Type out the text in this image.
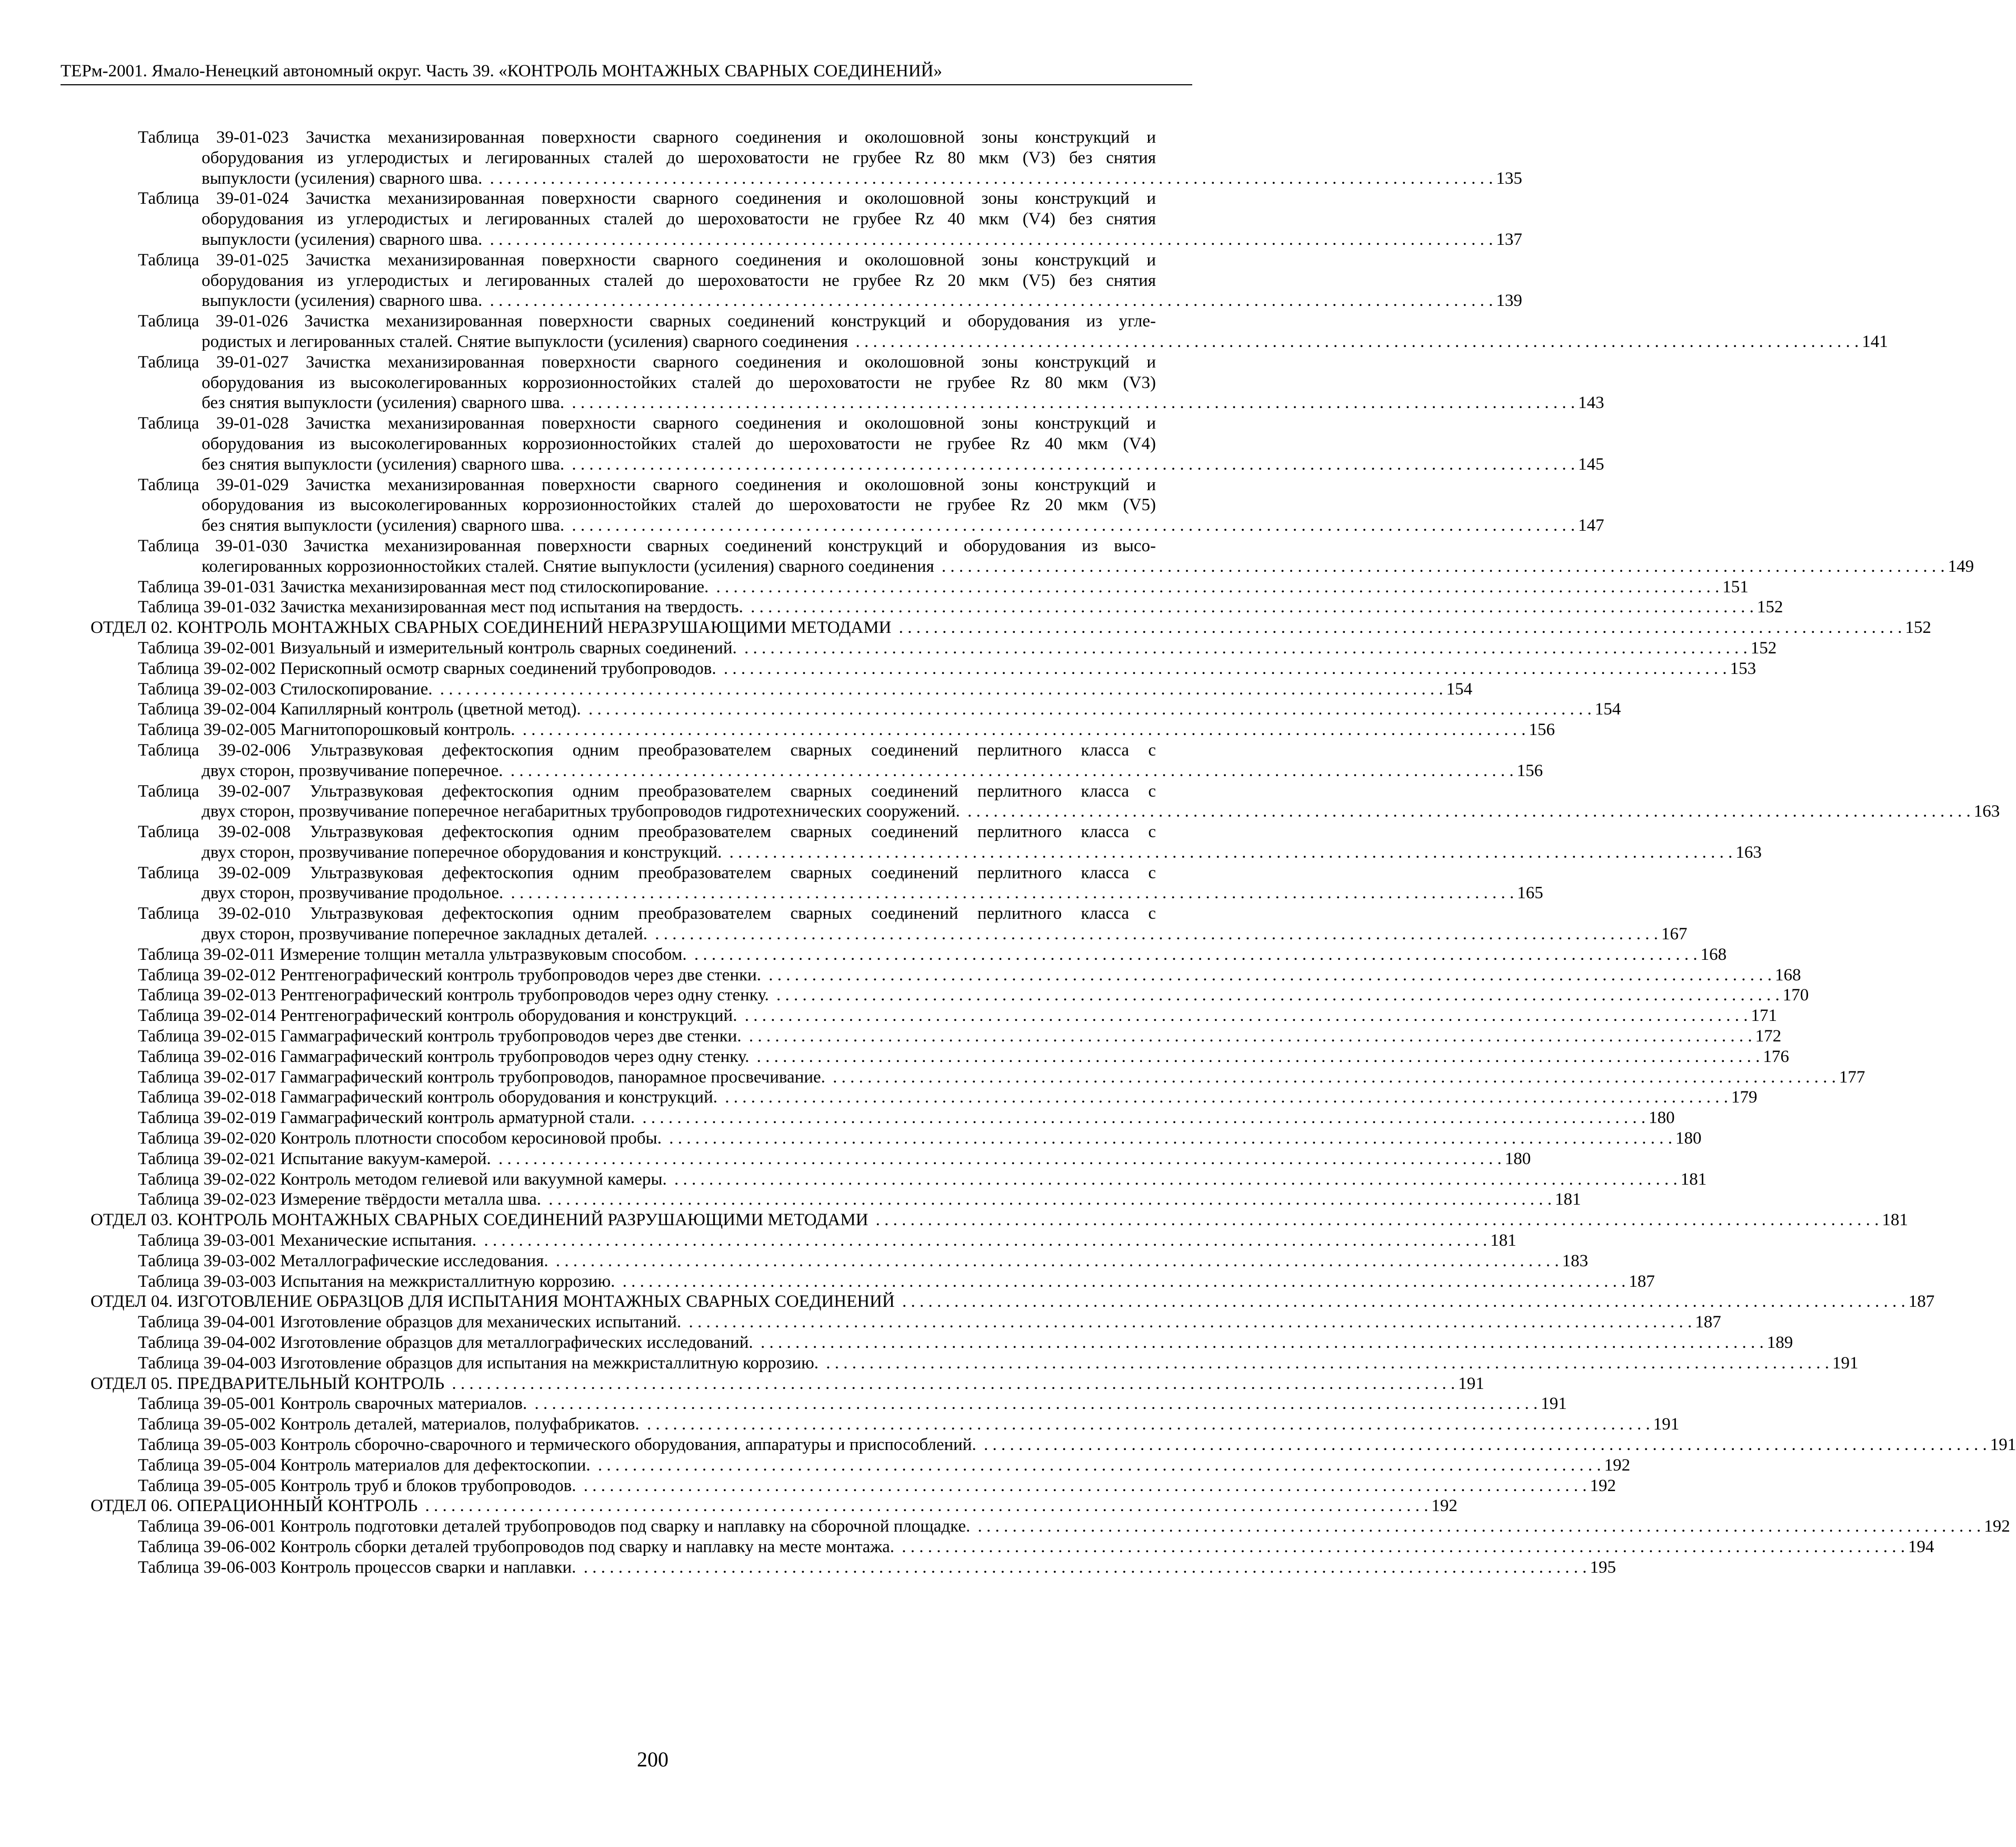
ТЕРм-2001. Ямало-Ненецкий автономный округ. Часть 39. «КОНТРОЛЬ МОНТАЖНЫХ СВАРНЫХ СОЕДИНЕНИЙ»
Таблица 39-01-023 Зачистка механизированная поверхности сварного соединения и околошовной зоны конструкций и
оборудования из углеродистых и легированных сталей до шероховатости не грубее Rz 80 мкм (V3) без снятия
выпуклости (усиления) сварного шва. . . . . . . . . . . . . . . . . . . . . . . . . . . . . . . . . . . . . . . . . . . . . . . . . . . . . . . . . . . . . . . . . . . . . . . . . . . . . . . . . . . . . . . . . . . . . . . . . . . . . . . . . . . . . . . . . . . . . 135
Таблица 39-01-024 Зачистка механизированная поверхности сварного соединения и околошовной зоны конструкций и
оборудования из углеродистых и легированных сталей до шероховатости не грубее Rz 40 мкм (V4) без снятия
выпуклости (усиления) сварного шва. . . . . . . . . . . . . . . . . . . . . . . . . . . . . . . . . . . . . . . . . . . . . . . . . . . . . . . . . . . . . . . . . . . . . . . . . . . . . . . . . . . . . . . . . . . . . . . . . . . . . . . . . . . . . . . . . . . . . 137
Таблица 39-01-025 Зачистка механизированная поверхности сварного соединения и околошовной зоны конструкций и
оборудования из углеродистых и легированных сталей до шероховатости не грубее Rz 20 мкм (V5) без снятия
выпуклости (усиления) сварного шва. . . . . . . . . . . . . . . . . . . . . . . . . . . . . . . . . . . . . . . . . . . . . . . . . . . . . . . . . . . . . . . . . . . . . . . . . . . . . . . . . . . . . . . . . . . . . . . . . . . . . . . . . . . . . . . . . . . . . 139
Таблица 39-01-026 Зачистка механизированная поверхности сварных соединений конструкций и оборудования из угле-
родистых и легированных сталей. Снятие выпуклости (усиления) сварного соединения . . . . . . . . . . . . . . . . . . . . . . . . . . . . . . . . . . . . . . . . . . . . . . . . . . . . . . . . . . . . . . . . . . . . . . . . . . . . . . . . . . . . . . . . . . . . . . . . . . . . . . . . . . . . . . . . . . . . 141
Таблица 39-01-027 Зачистка механизированная поверхности сварного соединения и околошовной зоны конструкций и
оборудования из высоколегированных коррозионностойких сталей до шероховатости не грубее Rz 80 мкм (V3)
без снятия выпуклости (усиления) сварного шва. . . . . . . . . . . . . . . . . . . . . . . . . . . . . . . . . . . . . . . . . . . . . . . . . . . . . . . . . . . . . . . . . . . . . . . . . . . . . . . . . . . . . . . . . . . . . . . . . . . . . . . . . . . . . . . . . . . . . 143
Таблица 39-01-028 Зачистка механизированная поверхности сварного соединения и околошовной зоны конструкций и
оборудования из высоколегированных коррозионностойких сталей до шероховатости не грубее Rz 40 мкм (V4)
без снятия выпуклости (усиления) сварного шва. . . . . . . . . . . . . . . . . . . . . . . . . . . . . . . . . . . . . . . . . . . . . . . . . . . . . . . . . . . . . . . . . . . . . . . . . . . . . . . . . . . . . . . . . . . . . . . . . . . . . . . . . . . . . . . . . . . . . 145
Таблица 39-01-029 Зачистка механизированная поверхности сварного соединения и околошовной зоны конструкций и
оборудования из высоколегированных коррозионностойких сталей до шероховатости не грубее Rz 20 мкм (V5)
без снятия выпуклости (усиления) сварного шва. . . . . . . . . . . . . . . . . . . . . . . . . . . . . . . . . . . . . . . . . . . . . . . . . . . . . . . . . . . . . . . . . . . . . . . . . . . . . . . . . . . . . . . . . . . . . . . . . . . . . . . . . . . . . . . . . . . . . 147
Таблица 39-01-030 Зачистка механизированная поверхности сварных соединений конструкций и оборудования из высо-
колегированных коррозионностойких сталей. Снятие выпуклости (усиления) сварного соединения . . . . . . . . . . . . . . . . . . . . . . . . . . . . . . . . . . . . . . . . . . . . . . . . . . . . . . . . . . . . . . . . . . . . . . . . . . . . . . . . . . . . . . . . . . . . . . . . . . . . . . . . . . . . . . . . . . . . 149
Таблица 39-01-031 Зачистка механизированная мест под стилоскопирование. . . . . . . . . . . . . . . . . . . . . . . . . . . . . . . . . . . . . . . . . . . . . . . . . . . . . . . . . . . . . . . . . . . . . . . . . . . . . . . . . . . . . . . . . . . . . . . . . . . . . . . . . . . . . . . . . . . . . 151
Таблица 39-01-032 Зачистка механизированная мест под испытания на твердость. . . . . . . . . . . . . . . . . . . . . . . . . . . . . . . . . . . . . . . . . . . . . . . . . . . . . . . . . . . . . . . . . . . . . . . . . . . . . . . . . . . . . . . . . . . . . . . . . . . . . . . . . . . . . . . . . . . . . 152
ОТДЕЛ 02. КОНТРОЛЬ МОНТАЖНЫХ СВАРНЫХ СОЕДИНЕНИЙ НЕРАЗРУШАЮЩИМИ МЕТОДАМИ . . . . . . . . . . . . . . . . . . . . . . . . . . . . . . . . . . . . . . . . . . . . . . . . . . . . . . . . . . . . . . . . . . . . . . . . . . . . . . . . . . . . . . . . . . . . . . . . . . . . . . . . . . . . . . . . . . . . 152
Таблица 39-02-001 Визуальный и измерительный контроль сварных соединений. . . . . . . . . . . . . . . . . . . . . . . . . . . . . . . . . . . . . . . . . . . . . . . . . . . . . . . . . . . . . . . . . . . . . . . . . . . . . . . . . . . . . . . . . . . . . . . . . . . . . . . . . . . . . . . . . . . . . 152
Таблица 39-02-002 Перископный осмотр сварных соединений трубопроводов. . . . . . . . . . . . . . . . . . . . . . . . . . . . . . . . . . . . . . . . . . . . . . . . . . . . . . . . . . . . . . . . . . . . . . . . . . . . . . . . . . . . . . . . . . . . . . . . . . . . . . . . . . . . . . . . . . . . . 153
Таблица 39-02-003 Стилоскопирование. . . . . . . . . . . . . . . . . . . . . . . . . . . . . . . . . . . . . . . . . . . . . . . . . . . . . . . . . . . . . . . . . . . . . . . . . . . . . . . . . . . . . . . . . . . . . . . . . . . . . . . . . . . . . . . . . . . . . 154
Таблица 39-02-004 Капиллярный контроль (цветной метод). . . . . . . . . . . . . . . . . . . . . . . . . . . . . . . . . . . . . . . . . . . . . . . . . . . . . . . . . . . . . . . . . . . . . . . . . . . . . . . . . . . . . . . . . . . . . . . . . . . . . . . . . . . . . . . . . . . . . 154
Таблица 39-02-005 Магнитопорошковый контроль. . . . . . . . . . . . . . . . . . . . . . . . . . . . . . . . . . . . . . . . . . . . . . . . . . . . . . . . . . . . . . . . . . . . . . . . . . . . . . . . . . . . . . . . . . . . . . . . . . . . . . . . . . . . . . . . . . . . . 156
Таблица 39-02-006 Ультразвуковая дефектоскопия одним преобразователем сварных соединений перлитного класса с
двух сторон, прозвучивание поперечное. . . . . . . . . . . . . . . . . . . . . . . . . . . . . . . . . . . . . . . . . . . . . . . . . . . . . . . . . . . . . . . . . . . . . . . . . . . . . . . . . . . . . . . . . . . . . . . . . . . . . . . . . . . . . . . . . . . . . 156
Таблица 39-02-007 Ультразвуковая дефектоскопия одним преобразователем сварных соединений перлитного класса с
двух сторон, прозвучивание поперечное негабаритных трубопроводов гидротехнических сооружений. . . . . . . . . . . . . . . . . . . . . . . . . . . . . . . . . . . . . . . . . . . . . . . . . . . . . . . . . . . . . . . . . . . . . . . . . . . . . . . . . . . . . . . . . . . . . . . . . . . . . . . . . . . . . . . . . . . . . 163
Таблица 39-02-008 Ультразвуковая дефектоскопия одним преобразователем сварных соединений перлитного класса с
двух сторон, прозвучивание поперечное оборудования и конструкций. . . . . . . . . . . . . . . . . . . . . . . . . . . . . . . . . . . . . . . . . . . . . . . . . . . . . . . . . . . . . . . . . . . . . . . . . . . . . . . . . . . . . . . . . . . . . . . . . . . . . . . . . . . . . . . . . . . . . 163
Таблица 39-02-009 Ультразвуковая дефектоскопия одним преобразователем сварных соединений перлитного класса с
двух сторон, прозвучивание продольное. . . . . . . . . . . . . . . . . . . . . . . . . . . . . . . . . . . . . . . . . . . . . . . . . . . . . . . . . . . . . . . . . . . . . . . . . . . . . . . . . . . . . . . . . . . . . . . . . . . . . . . . . . . . . . . . . . . . . 165
Таблица 39-02-010 Ультразвуковая дефектоскопия одним преобразователем сварных соединений перлитного класса с
двух сторон, прозвучивание поперечное закладных деталей. . . . . . . . . . . . . . . . . . . . . . . . . . . . . . . . . . . . . . . . . . . . . . . . . . . . . . . . . . . . . . . . . . . . . . . . . . . . . . . . . . . . . . . . . . . . . . . . . . . . . . . . . . . . . . . . . . . . . 167
Таблица 39-02-011 Измерение толщин металла ультразвуковым способом. . . . . . . . . . . . . . . . . . . . . . . . . . . . . . . . . . . . . . . . . . . . . . . . . . . . . . . . . . . . . . . . . . . . . . . . . . . . . . . . . . . . . . . . . . . . . . . . . . . . . . . . . . . . . . . . . . . . . 168
Таблица 39-02-012 Рентгенографический контроль трубопроводов через две стенки. . . . . . . . . . . . . . . . . . . . . . . . . . . . . . . . . . . . . . . . . . . . . . . . . . . . . . . . . . . . . . . . . . . . . . . . . . . . . . . . . . . . . . . . . . . . . . . . . . . . . . . . . . . . . . . . . . . . . 168
Таблица 39-02-013 Рентгенографический контроль трубопроводов через одну стенку. . . . . . . . . . . . . . . . . . . . . . . . . . . . . . . . . . . . . . . . . . . . . . . . . . . . . . . . . . . . . . . . . . . . . . . . . . . . . . . . . . . . . . . . . . . . . . . . . . . . . . . . . . . . . . . . . . . . . 170
Таблица 39-02-014 Рентгенографический контроль оборудования и конструкций. . . . . . . . . . . . . . . . . . . . . . . . . . . . . . . . . . . . . . . . . . . . . . . . . . . . . . . . . . . . . . . . . . . . . . . . . . . . . . . . . . . . . . . . . . . . . . . . . . . . . . . . . . . . . . . . . . . . . 171
Таблица 39-02-015 Гаммаграфический контроль трубопроводов через две стенки. . . . . . . . . . . . . . . . . . . . . . . . . . . . . . . . . . . . . . . . . . . . . . . . . . . . . . . . . . . . . . . . . . . . . . . . . . . . . . . . . . . . . . . . . . . . . . . . . . . . . . . . . . . . . . . . . . . . . 172
Таблица 39-02-016 Гаммаграфический контроль трубопроводов через одну стенку. . . . . . . . . . . . . . . . . . . . . . . . . . . . . . . . . . . . . . . . . . . . . . . . . . . . . . . . . . . . . . . . . . . . . . . . . . . . . . . . . . . . . . . . . . . . . . . . . . . . . . . . . . . . . . . . . . . . . 176
Таблица 39-02-017 Гаммаграфический контроль трубопроводов, панорамное просвечивание. . . . . . . . . . . . . . . . . . . . . . . . . . . . . . . . . . . . . . . . . . . . . . . . . . . . . . . . . . . . . . . . . . . . . . . . . . . . . . . . . . . . . . . . . . . . . . . . . . . . . . . . . . . . . . . . . . . . . 177
Таблица 39-02-018 Гаммаграфический контроль оборудования и конструкций. . . . . . . . . . . . . . . . . . . . . . . . . . . . . . . . . . . . . . . . . . . . . . . . . . . . . . . . . . . . . . . . . . . . . . . . . . . . . . . . . . . . . . . . . . . . . . . . . . . . . . . . . . . . . . . . . . . . . 179
Таблица 39-02-019 Гаммаграфический контроль арматурной стали. . . . . . . . . . . . . . . . . . . . . . . . . . . . . . . . . . . . . . . . . . . . . . . . . . . . . . . . . . . . . . . . . . . . . . . . . . . . . . . . . . . . . . . . . . . . . . . . . . . . . . . . . . . . . . . . . . . . . 180
Таблица 39-02-020 Контроль плотности способом керосиновой пробы. . . . . . . . . . . . . . . . . . . . . . . . . . . . . . . . . . . . . . . . . . . . . . . . . . . . . . . . . . . . . . . . . . . . . . . . . . . . . . . . . . . . . . . . . . . . . . . . . . . . . . . . . . . . . . . . . . . . . 180
Таблица 39-02-021 Испытание вакуум-камерой. . . . . . . . . . . . . . . . . . . . . . . . . . . . . . . . . . . . . . . . . . . . . . . . . . . . . . . . . . . . . . . . . . . . . . . . . . . . . . . . . . . . . . . . . . . . . . . . . . . . . . . . . . . . . . . . . . . . . 180
Таблица 39-02-022 Контроль методом гелиевой или вакуумной камеры. . . . . . . . . . . . . . . . . . . . . . . . . . . . . . . . . . . . . . . . . . . . . . . . . . . . . . . . . . . . . . . . . . . . . . . . . . . . . . . . . . . . . . . . . . . . . . . . . . . . . . . . . . . . . . . . . . . . . 181
Таблица 39-02-023 Измерение твёрдости металла шва. . . . . . . . . . . . . . . . . . . . . . . . . . . . . . . . . . . . . . . . . . . . . . . . . . . . . . . . . . . . . . . . . . . . . . . . . . . . . . . . . . . . . . . . . . . . . . . . . . . . . . . . . . . . . . . . . . . . . 181
ОТДЕЛ 03. КОНТРОЛЬ МОНТАЖНЫХ СВАРНЫХ СОЕДИНЕНИЙ РАЗРУШАЮЩИМИ МЕТОДАМИ . . . . . . . . . . . . . . . . . . . . . . . . . . . . . . . . . . . . . . . . . . . . . . . . . . . . . . . . . . . . . . . . . . . . . . . . . . . . . . . . . . . . . . . . . . . . . . . . . . . . . . . . . . . . . . . . . . . . 181
Таблица 39-03-001 Механические испытания. . . . . . . . . . . . . . . . . . . . . . . . . . . . . . . . . . . . . . . . . . . . . . . . . . . . . . . . . . . . . . . . . . . . . . . . . . . . . . . . . . . . . . . . . . . . . . . . . . . . . . . . . . . . . . . . . . . . . 181
Таблица 39-03-002 Металлографические исследования. . . . . . . . . . . . . . . . . . . . . . . . . . . . . . . . . . . . . . . . . . . . . . . . . . . . . . . . . . . . . . . . . . . . . . . . . . . . . . . . . . . . . . . . . . . . . . . . . . . . . . . . . . . . . . . . . . . . . 183
Таблица 39-03-003 Испытания на межкристаллитную коррозию. . . . . . . . . . . . . . . . . . . . . . . . . . . . . . . . . . . . . . . . . . . . . . . . . . . . . . . . . . . . . . . . . . . . . . . . . . . . . . . . . . . . . . . . . . . . . . . . . . . . . . . . . . . . . . . . . . . . . 187
ОТДЕЛ 04. ИЗГОТОВЛЕНИЕ ОБРАЗЦОВ ДЛЯ ИСПЫТАНИЯ МОНТАЖНЫХ СВАРНЫХ СОЕДИНЕНИЙ . . . . . . . . . . . . . . . . . . . . . . . . . . . . . . . . . . . . . . . . . . . . . . . . . . . . . . . . . . . . . . . . . . . . . . . . . . . . . . . . . . . . . . . . . . . . . . . . . . . . . . . . . . . . . . . . . . . . 187
Таблица 39-04-001 Изготовление образцов для механических испытаний. . . . . . . . . . . . . . . . . . . . . . . . . . . . . . . . . . . . . . . . . . . . . . . . . . . . . . . . . . . . . . . . . . . . . . . . . . . . . . . . . . . . . . . . . . . . . . . . . . . . . . . . . . . . . . . . . . . . . 187
Таблица 39-04-002 Изготовление образцов для металлографических исследований. . . . . . . . . . . . . . . . . . . . . . . . . . . . . . . . . . . . . . . . . . . . . . . . . . . . . . . . . . . . . . . . . . . . . . . . . . . . . . . . . . . . . . . . . . . . . . . . . . . . . . . . . . . . . . . . . . . . . 189
Таблица 39-04-003 Изготовление образцов для испытания на межкристаллитную коррозию. . . . . . . . . . . . . . . . . . . . . . . . . . . . . . . . . . . . . . . . . . . . . . . . . . . . . . . . . . . . . . . . . . . . . . . . . . . . . . . . . . . . . . . . . . . . . . . . . . . . . . . . . . . . . . . . . . . . . 191
ОТДЕЛ 05. ПРЕДВАРИТЕЛЬНЫЙ КОНТРОЛЬ . . . . . . . . . . . . . . . . . . . . . . . . . . . . . . . . . . . . . . . . . . . . . . . . . . . . . . . . . . . . . . . . . . . . . . . . . . . . . . . . . . . . . . . . . . . . . . . . . . . . . . . . . . . . . . . . . . . . 191
Таблица 39-05-001 Контроль сварочных материалов. . . . . . . . . . . . . . . . . . . . . . . . . . . . . . . . . . . . . . . . . . . . . . . . . . . . . . . . . . . . . . . . . . . . . . . . . . . . . . . . . . . . . . . . . . . . . . . . . . . . . . . . . . . . . . . . . . . . . 191
Таблица 39-05-002 Контроль деталей, материалов, полуфабрикатов. . . . . . . . . . . . . . . . . . . . . . . . . . . . . . . . . . . . . . . . . . . . . . . . . . . . . . . . . . . . . . . . . . . . . . . . . . . . . . . . . . . . . . . . . . . . . . . . . . . . . . . . . . . . . . . . . . . . . 191
Таблица 39-05-003 Контроль сборочно-сварочного и термического оборудования, аппаратуры и приспособлений. . . . . . . . . . . . . . . . . . . . . . . . . . . . . . . . . . . . . . . . . . . . . . . . . . . . . . . . . . . . . . . . . . . . . . . . . . . . . . . . . . . . . . . . . . . . . . . . . . . . . . . . . . . . . . . . . . . . . 191
Таблица 39-05-004 Контроль материалов для дефектоскопии. . . . . . . . . . . . . . . . . . . . . . . . . . . . . . . . . . . . . . . . . . . . . . . . . . . . . . . . . . . . . . . . . . . . . . . . . . . . . . . . . . . . . . . . . . . . . . . . . . . . . . . . . . . . . . . . . . . . . 192
Таблица 39-05-005 Контроль труб и блоков трубопроводов. . . . . . . . . . . . . . . . . . . . . . . . . . . . . . . . . . . . . . . . . . . . . . . . . . . . . . . . . . . . . . . . . . . . . . . . . . . . . . . . . . . . . . . . . . . . . . . . . . . . . . . . . . . . . . . . . . . . . 192
ОТДЕЛ 06. ОПЕРАЦИОННЫЙ КОНТРОЛЬ . . . . . . . . . . . . . . . . . . . . . . . . . . . . . . . . . . . . . . . . . . . . . . . . . . . . . . . . . . . . . . . . . . . . . . . . . . . . . . . . . . . . . . . . . . . . . . . . . . . . . . . . . . . . . . . . . . . . 192
Таблица 39-06-001 Контроль подготовки деталей трубопроводов под сварку и наплавку на сборочной площадке. . . . . . . . . . . . . . . . . . . . . . . . . . . . . . . . . . . . . . . . . . . . . . . . . . . . . . . . . . . . . . . . . . . . . . . . . . . . . . . . . . . . . . . . . . . . . . . . . . . . . . . . . . . . . . . . . . . . . 192
Таблица 39-06-002 Контроль сборки деталей трубопроводов под сварку и наплавку на месте монтажа. . . . . . . . . . . . . . . . . . . . . . . . . . . . . . . . . . . . . . . . . . . . . . . . . . . . . . . . . . . . . . . . . . . . . . . . . . . . . . . . . . . . . . . . . . . . . . . . . . . . . . . . . . . . . . . . . . . . . 194
Таблица 39-06-003 Контроль процессов сварки и наплавки. . . . . . . . . . . . . . . . . . . . . . . . . . . . . . . . . . . . . . . . . . . . . . . . . . . . . . . . . . . . . . . . . . . . . . . . . . . . . . . . . . . . . . . . . . . . . . . . . . . . . . . . . . . . . . . . . . . . . 195
200
